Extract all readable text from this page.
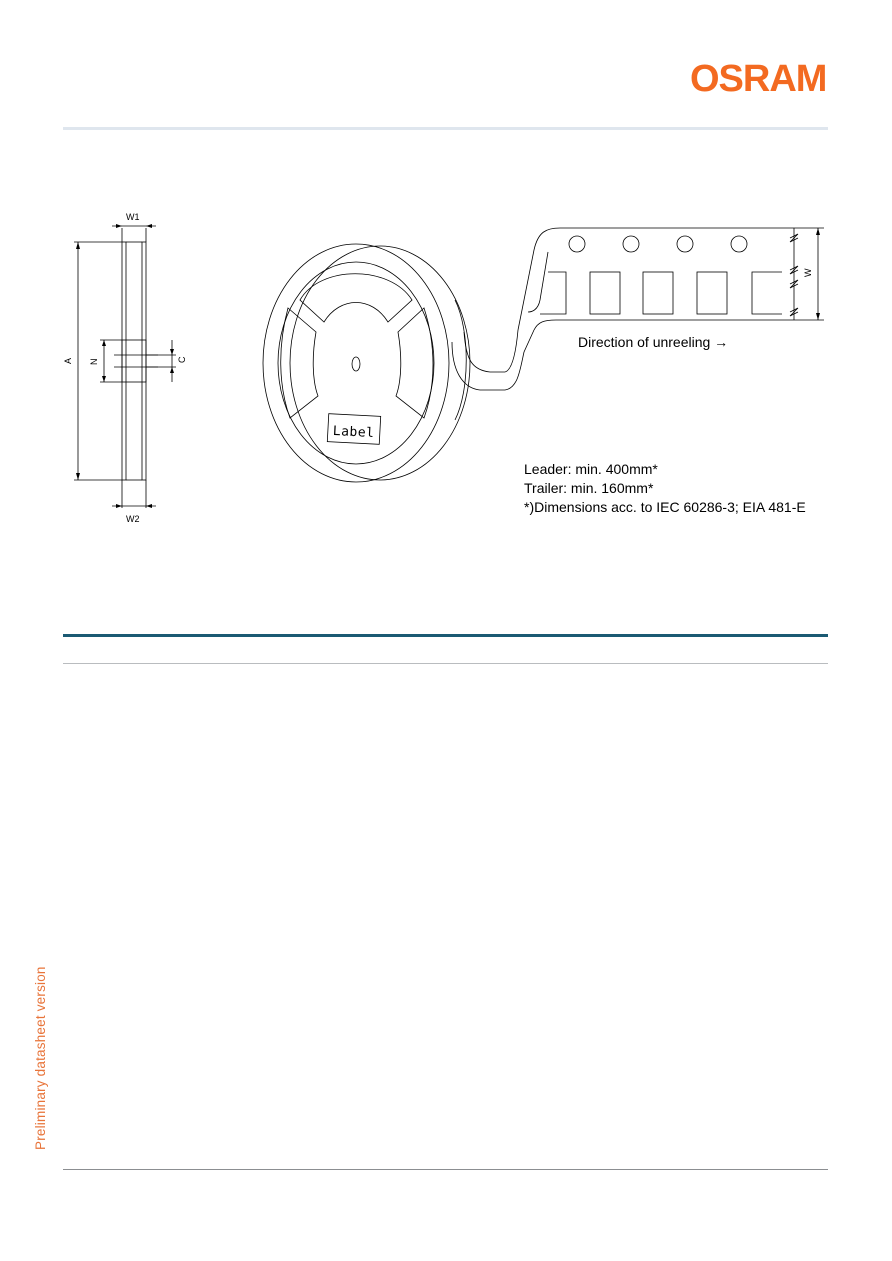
OSRAM
W1
W2
A N	C
W
Label
Direction of unreeling →
Leader: min. 400mm*
Trailer: min. 160mm*
*)Dimensions acc. to IEC 60286-3; EIA 481-E
Preliminary datasheet version
